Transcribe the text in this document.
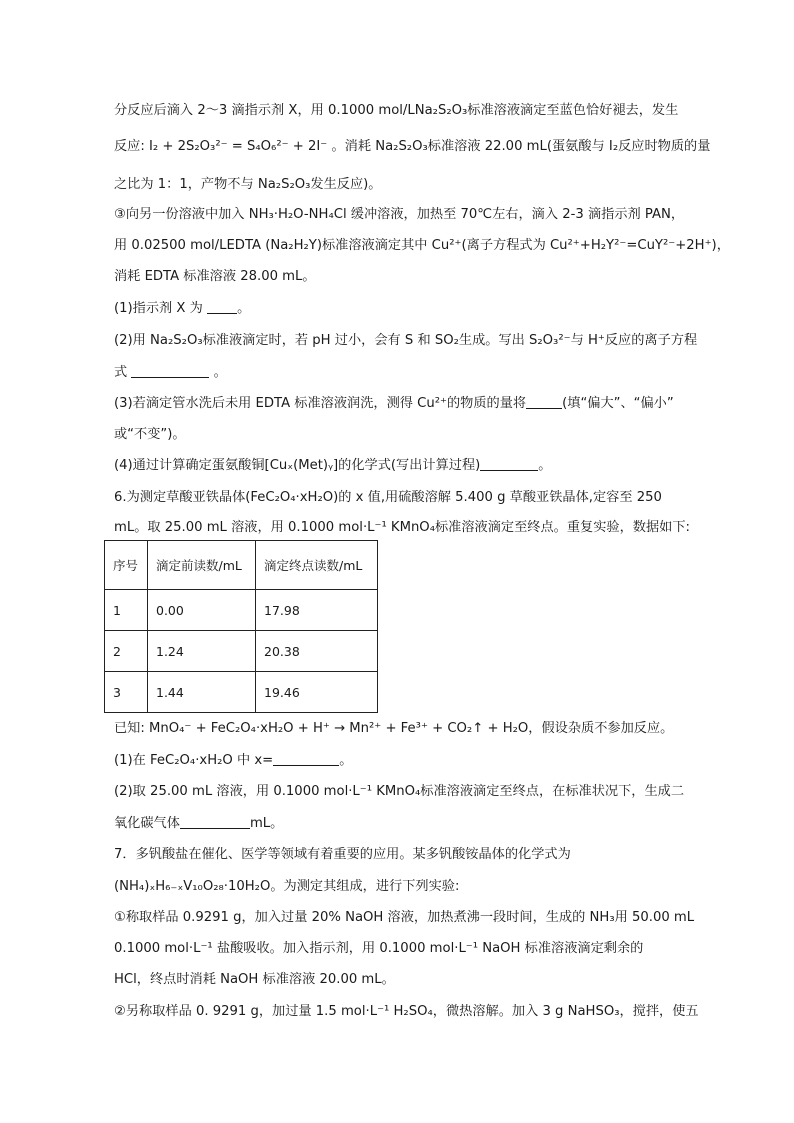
分反应后滴入 2～3 滴指示剂 X，用 0.1000 mol/LNa₂S₂O₃标准溶液滴定至蓝色恰好褪去，发生
反应: I₂ + 2S₂O₃²⁻ = S₄O₆²⁻ + 2I⁻ 。消耗 Na₂S₂O₃标准溶液 22.00 mL(蛋氨酸与 I₂反应时物质的量
之比为 1：1，产物不与 Na₂S₂O₃发生反应)。
③向另一份溶液中加入 NH₃·H₂O-NH₄Cl 缓冲溶液，加热至 70℃左右，滴入 2-3 滴指示剂 PAN，
用 0.02500 mol/LEDTA (Na₂H₂Y)标准溶液滴定其中 Cu²⁺(离子方程式为 Cu²⁺+H₂Y²⁻=CuY²⁻+2H⁺)，
消耗 EDTA 标准溶液 28.00 mL。
(1)指示剂 X 为	。
(2)用 Na₂S₂O₃标准液滴定时，若 pH 过小，会有 S 和 SO₂生成。写出 S₂O₃²⁻与 H⁺反应的离子方程
式	。
(3)若滴定管水洗后未用 EDTA 标准溶液润洗，测得 Cu²⁺的物质的量将	(填“偏大”、“偏小”
或“不变”)。
(4)通过计算确定蛋氨酸铜[Cuₓ(Met)ᵧ]的化学式(写出计算过程)	。
6.为测定草酸亚铁晶体(FeC₂O₄·xH₂O)的 x 值,用硫酸溶解 5.400 g 草酸亚铁晶体,定容至 250
mL。取 25.00 mL 溶液，用 0.1000 mol·L⁻¹ KMnO₄标准溶液滴定至终点。重复实验，数据如下:
序号	滴定前读数/mL	滴定终点读数/mL
1	0.00	17.98
2	1.24	20.38
3	1.44	19.46
已知: MnO₄⁻ + FeC₂O₄·xH₂O + H⁺ → Mn²⁺ + Fe³⁺ + CO₂↑ + H₂O，假设杂质不参加反应。
(1)在 FeC₂O₄·xH₂O 中 x=	。
(2)取 25.00 mL 溶液，用 0.1000 mol·L⁻¹ KMnO₄标准溶液滴定至终点，在标准状况下，生成二
氧化碳气体	mL。
7．多钒酸盐在催化、医学等领域有着重要的应用。某多钒酸铵晶体的化学式为
(NH₄)ₓH₆₋ₓV₁₀O₂₈·10H₂O。为测定其组成，进行下列实验:
①称取样品 0.9291 g，加入过量 20% NaOH 溶液，加热煮沸一段时间，生成的 NH₃用 50.00 mL
0.1000 mol·L⁻¹ 盐酸吸收。加入指示剂，用 0.1000 mol·L⁻¹ NaOH 标准溶液滴定剩余的
HCl，终点时消耗 NaOH 标准溶液 20.00 mL。
②另称取样品 0. 9291 g，加过量 1.5 mol·L⁻¹ H₂SO₄，微热溶解。加入 3 g NaHSO₃，搅拌，使五
